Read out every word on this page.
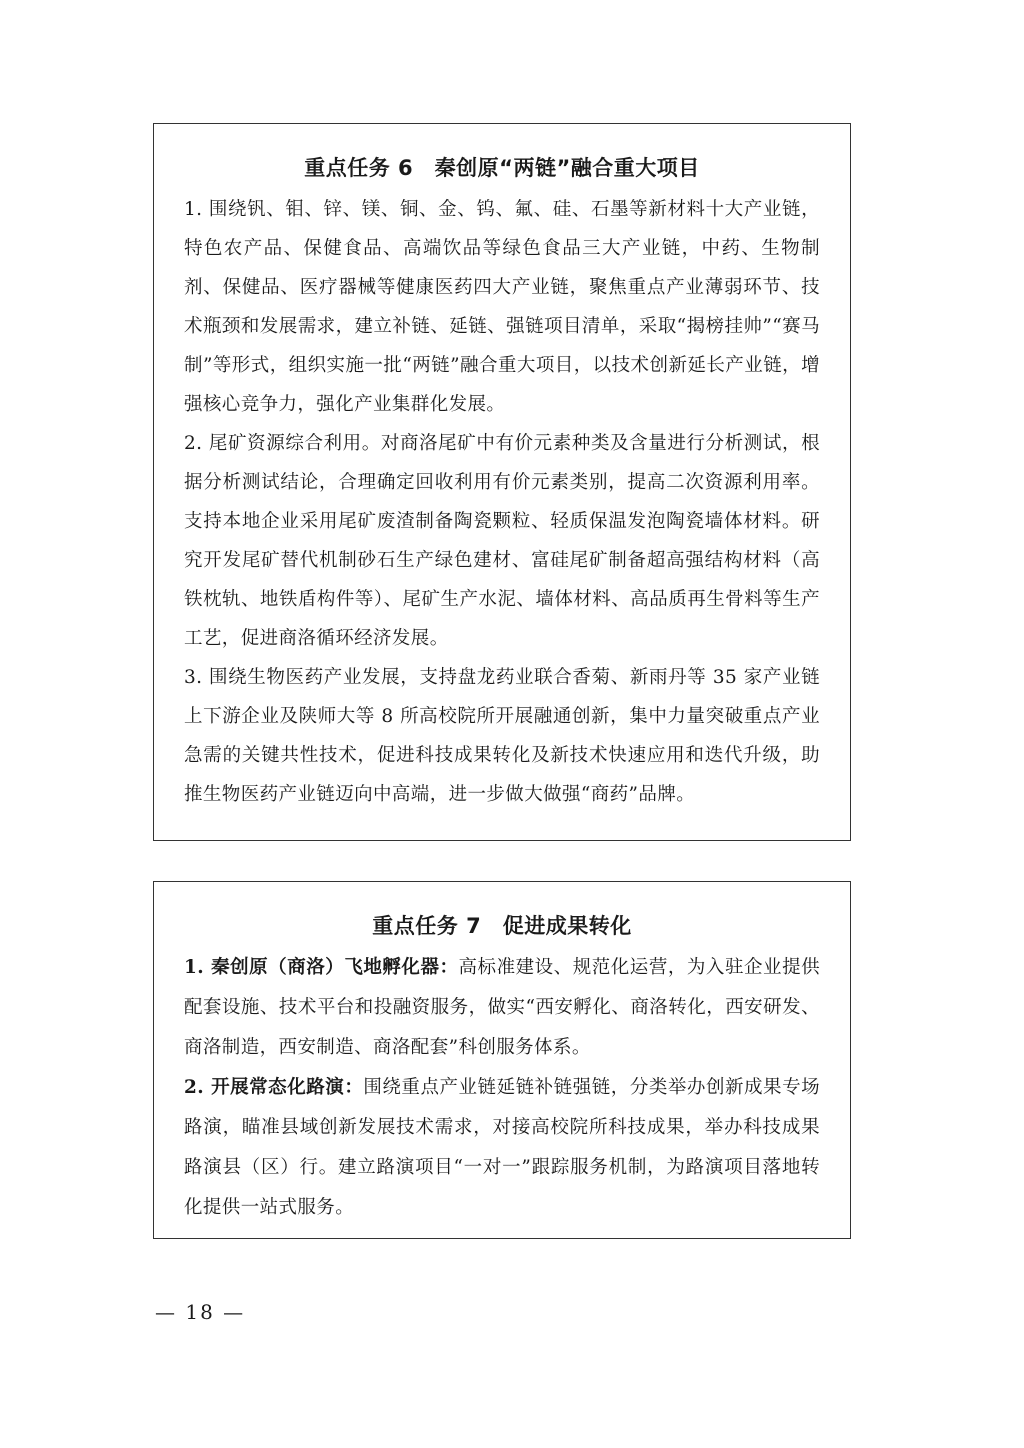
重点任务 6　秦创原“两链”融合重大项目

1. 围绕钒、钼、锌、镁、铜、金、钨、氟、硅、石墨等新材料十大产业链，特色农产品、保健食品、高端饮品等绿色食品三大产业链，中药、生物制剂、保健品、医疗器械等健康医药四大产业链，聚焦重点产业薄弱环节、技术瓶颈和发展需求，建立补链、延链、强链项目清单，采取“揭榜挂帅”“赛马制”等形式，组织实施一批“两链”融合重大项目，以技术创新延长产业链，增强核心竞争力，强化产业集群化发展。

2. 尾矿资源综合利用。对商洛尾矿中有价元素种类及含量进行分析测试，根据分析测试结论，合理确定回收利用有价元素类别，提高二次资源利用率。支持本地企业采用尾矿废渣制备陶瓷颗粒、轻质保温发泡陶瓷墙体材料。研究开发尾矿替代机制砂石生产绿色建材、富硅尾矿制备超高强结构材料（高铁枕轨、地铁盾构件等）、尾矿生产水泥、墙体材料、高品质再生骨料等生产工艺，促进商洛循环经济发展。

3. 围绕生物医药产业发展，支持盘龙药业联合香菊、新雨丹等 35 家产业链上下游企业及陕师大等 8 所高校院所开展融通创新，集中力量突破重点产业急需的关键共性技术，促进科技成果转化及新技术快速应用和迭代升级，助推生物医药产业链迈向中高端，进一步做大做强“商药”品牌。

重点任务 7　促进成果转化

1. 秦创原（商洛）飞地孵化器：高标准建设、规范化运营，为入驻企业提供配套设施、技术平台和投融资服务，做实“西安孵化、商洛转化，西安研发、商洛制造，西安制造、商洛配套”科创服务体系。

2. 开展常态化路演：围绕重点产业链延链补链强链，分类举办创新成果专场路演，瞄准县域创新发展技术需求，对接高校院所科技成果，举办科技成果路演县（区）行。建立路演项目“一对一”跟踪服务机制，为路演项目落地转化提供一站式服务。

— 18 —
